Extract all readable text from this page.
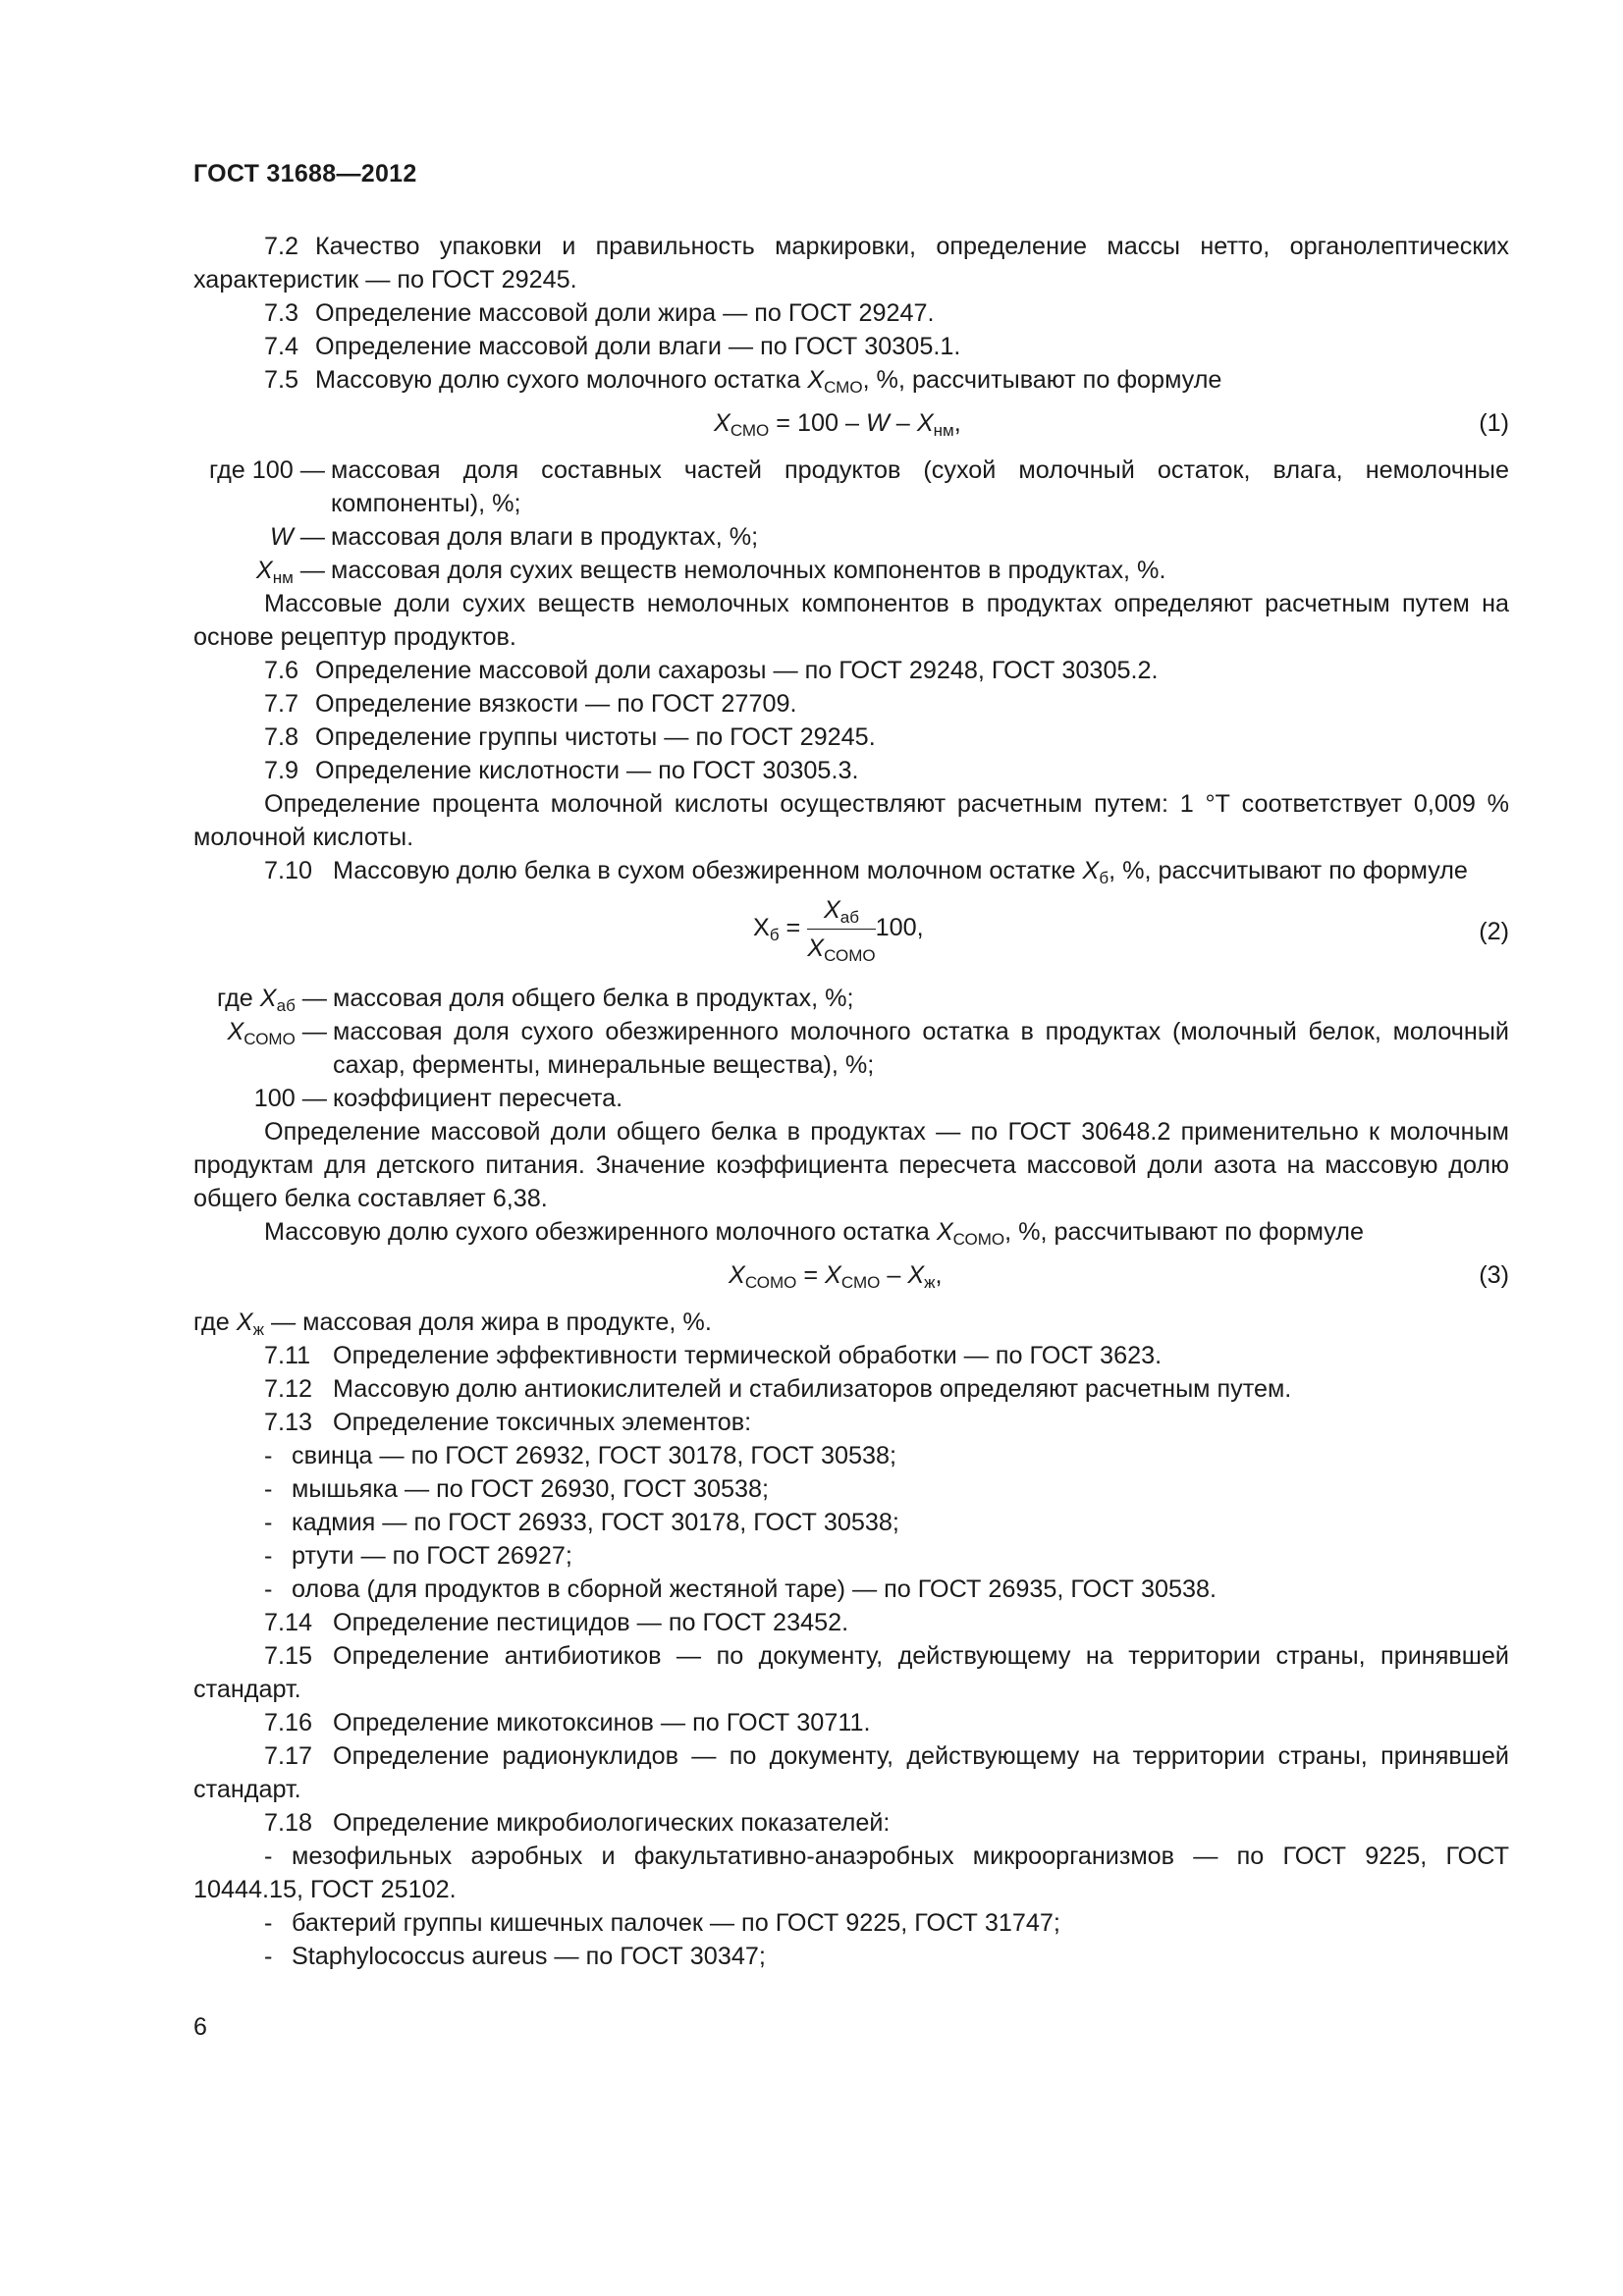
ГОСТ 31688—2012

7.2 Качество упаковки и правильность маркировки, определение массы нетто, органолептических характеристик — по ГОСТ 29245.

7.3 Определение массовой доли жира — по ГОСТ 29247.

7.4 Определение массовой доли влаги — по ГОСТ 30305.1.

7.5 Массовую долю сухого молочного остатка $X_{СМО}$, %, рассчитывают по формуле

$X_{СМО} = 100 - W - X_{нм}$,	(1)

где 100 — массовая доля составных частей продуктов (сухой молочный остаток, влага, немолочные компоненты), %;

W — массовая доля влаги в продуктах, %;

$X_{нм}$ — массовая доля сухих веществ немолочных компонентов в продуктах, %.

Массовые доли сухих веществ немолочных компонентов в продуктах определяют расчетным путем на основе рецептур продуктов.

7.6 Определение массовой доли сахарозы — по ГОСТ 29248, ГОСТ 30305.2.

7.7 Определение вязкости — по ГОСТ 27709.

7.8 Определение группы чистоты — по ГОСТ 29245.

7.9 Определение кислотности — по ГОСТ 30305.3.

Определение процента молочной кислоты осуществляют расчетным путем: 1 °Т соответствует 0,009 % молочной кислоты.

7.10 Массовую долю белка в сухом обезжиренном молочном остатке $X_б$, %, рассчитывают по формуле

$Х_б = \frac{X_{аб}}{X_{СОМО}} 100$,	(2)

где $X_{аб}$ — массовая доля общего белка в продуктах, %;

$X_{СОМО}$ — массовая доля сухого обезжиренного молочного остатка в продуктах (молочный белок, молочный сахар, ферменты, минеральные вещества), %;

100 — коэффициент пересчета.

Определение массовой доли общего белка в продуктах — по ГОСТ 30648.2 применительно к молочным продуктам для детского питания. Значение коэффициента пересчета массовой доли азота на массовую долю общего белка составляет 6,38.

Массовую долю сухого обезжиренного молочного остатка $X_{СОМО}$, %, рассчитывают по формуле

$X_{СОМО} = X_{СМО} - X_ж$,	(3)

где $X_ж$ — массовая доля жира в продукте, %.

7.11 Определение эффективности термической обработки — по ГОСТ 3623.

7.12 Массовую долю антиокислителей и стабилизаторов определяют расчетным путем.

7.13 Определение токсичных элементов:

- свинца — по ГОСТ 26932, ГОСТ 30178, ГОСТ 30538;

- мышьяка — по ГОСТ 26930, ГОСТ 30538;

- кадмия — по ГОСТ 26933, ГОСТ 30178, ГОСТ 30538;

- ртути — по ГОСТ 26927;

- олова (для продуктов в сборной жестяной таре) — по ГОСТ 26935, ГОСТ 30538.

7.14 Определение пестицидов — по ГОСТ 23452.

7.15 Определение антибиотиков — по документу, действующему на территории страны, принявшей стандарт.

7.16 Определение микотоксинов — по ГОСТ 30711.

7.17 Определение радионуклидов — по документу, действующему на территории страны, принявшей стандарт.

7.18 Определение микробиологических показателей:

- мезофильных аэробных и факультативно-анаэробных микроорганизмов — по ГОСТ 9225, ГОСТ 10444.15, ГОСТ 25102.

- бактерий группы кишечных палочек — по ГОСТ 9225, ГОСТ 31747;

- Staphylococcus aureus — по ГОСТ 30347;

6
